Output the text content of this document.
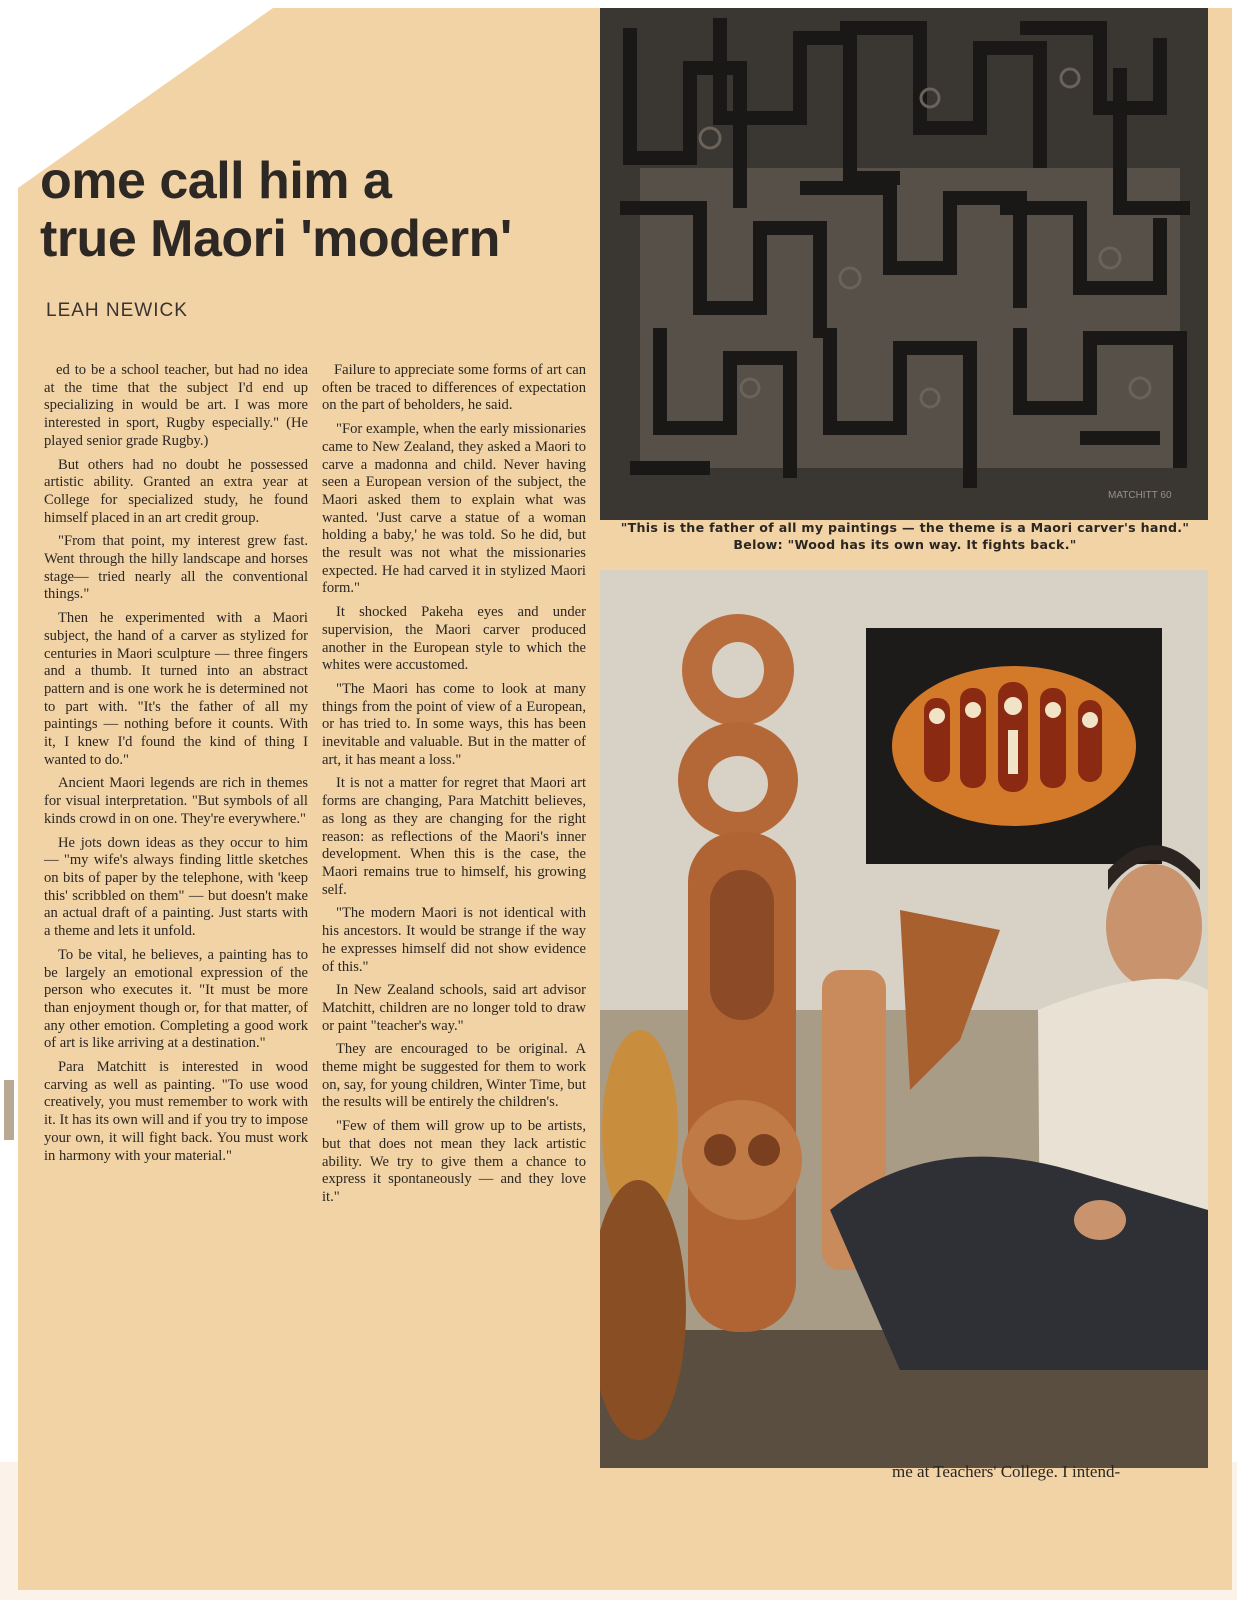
ome call him a
true Maori 'modern'
LEAH NEWICK

ed to be a school teacher, but had no idea at the time that the subject I'd end up specializing in would be art. I was more interested in sport, Rugby especially." (He played senior grade Rugby.)

But others had no doubt he possessed artistic ability. Granted an extra year at College for specialized study, he found himself placed in an art credit group.

"From that point, my interest grew fast. Went through the hilly landscape and horses stage— tried nearly all the conventional things."

Then he experimented with a Maori subject, the hand of a carver as stylized for centuries in Maori sculpture — three fingers and a thumb. It turned into an abstract pattern and is one work he is determined not to part with. "It's the father of all my paintings — nothing before it counts. With it, I knew I'd found the kind of thing I wanted to do."

Ancient Maori legends are rich in themes for visual interpretation. "But symbols of all kinds crowd in on one. They're everywhere."

He jots down ideas as they occur to him — "my wife's always finding little sketches on bits of paper by the telephone, with 'keep this' scribbled on them" — but doesn't make an actual draft of a painting. Just starts with a theme and lets it unfold.

To be vital, he believes, a painting has to be largely an emotional expression of the person who executes it. "It must be more than enjoyment though or, for that matter, of any other emotion. Completing a good work of art is like arriving at a destination."

Para Matchitt is interested in wood carving as well as painting. "To use wood creatively, you must remember to work with it. It has its own will and if you try to impose your own, it will fight back. You must work in harmony with your material."

Failure to appreciate some forms of art can often be traced to differences of expectation on the part of beholders, he said.

"For example, when the early missionaries came to New Zealand, they asked a Maori to carve a madonna and child. Never having seen a European version of the subject, the Maori asked them to explain what was wanted. 'Just carve a statue of a woman holding a baby,' he was told. So he did, but the result was not what the missionaries expected. He had carved it in stylized Maori form."

It shocked Pakeha eyes and under supervision, the Maori carver produced another in the European style to which the whites were accustomed.

"The Maori has come to look at many things from the point of view of a European, or has tried to. In some ways, this has been inevitable and valuable. But in the matter of art, it has meant a loss."

It is not a matter for regret that Maori art forms are changing, Para Matchitt believes, as long as they are changing for the right reason: as reflections of the Maori's inner development. When this is the case, the Maori remains true to himself, his growing self.

"The modern Maori is not identical with his ancestors. It would be strange if the way he expresses himself did not show evidence of this."

In New Zealand schools, said art advisor Matchitt, children are no longer told to draw or paint "teacher's way."

They are encouraged to be original. A theme might be suggested for them to work on, say, for young children, Winter Time, but the results will be entirely the children's.

"Few of them will grow up to be artists, but that does not mean they lack artistic ability. We try to give them a chance to express it spontaneously — and they love it."

MATCHITT 60
"This is the father of all my paintings — the theme is a Maori carver's hand."
Below: "Wood has its own way. It fights back."
me at Teachers' College. I intend-
